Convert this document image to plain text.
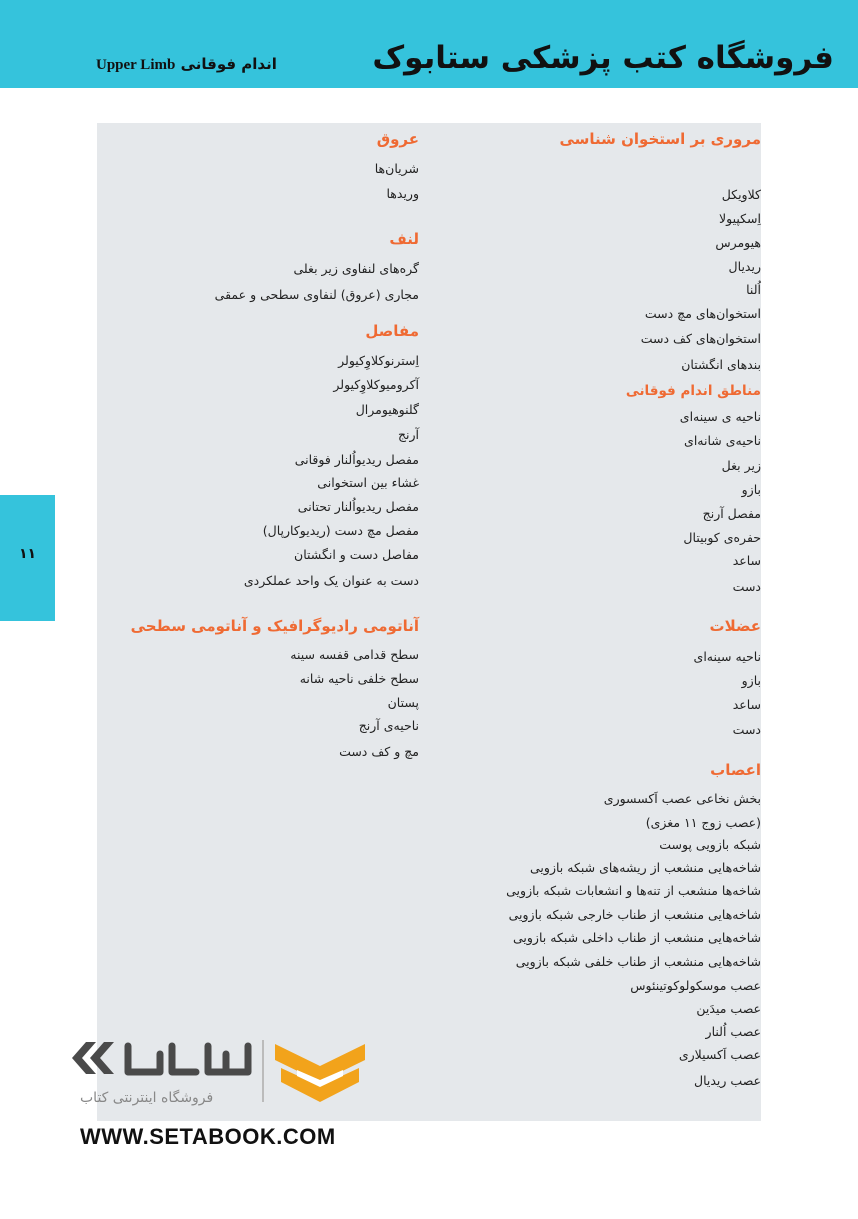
فروشگاه کتب پزشکی ستابوک
Upper Limb اندام فوقانی
مروری بر استخوان شناسی
کلاویکل
اِسکپیولا
هیومرس
ریدیال
اُلنا
استخوان‌های مچ دست
استخوان‌های کف دست
بندهای انگشتان
مناطق اندام فوقانی
ناحیه ی سینه‌ای
ناحیه‌ی شانه‌ای
زیر بغل
بازو
مفصل آرنج
حفره‌ی کوبیتال
ساعد
دست
عضلات
ناحیه سینه‌ای
بازو
ساعد
دست
اعصاب
بخش نخاعی عصب اَکسسوری
(عصب زوج ۱۱ مغزی)
شبکه بازویی پوست
شاخه‌هایی منشعب از ریشه‌های شبکه بازویی
شاخه‌ها منشعب از تنه‌ها و انشعابات شبکه بازویی
شاخه‌هایی منشعب از طناب خارجی شبکه بازویی
شاخه‌هایی منشعب از طناب داخلی شبکه بازویی
شاخه‌هایی منشعب از طناب خلفی شبکه بازویی
عصب موسکولوکوتینئوس
عصب میدَین
عصب اُلنار
عصب اَکسیلاری
عصب ریدیال
عروق
شریان‌ها
وریدها
لنف
گره‌های لنفاوی زیر بغلی
مجاری (عروق) لنفاوی سطحی و عمقی
مفاصل
اِسترنوکلاوِکیولر
آکرومیوکلاوِکیولر
گلنوهیومرال
آرنج
مفصل ریدیواُلنار فوقانی
غشاء بین استخوانی
مفصل ریدیواُلنار تحتانی
مفصل مچ دست (ریدیوکارپال)
مفاصل دست و انگشتان
دست به عنوان یک واحد عملکردی
آناتومی رادیوگرافیک و آناتومی سطحی
سطح قدامی قفسه سینه
سطح خلفی ناحیه شانه
پستان
ناحیه‌ی آرنج
مچ و کف دست
۱۱
فروشگاه اینترنتی کتاب
WWW.SETABOOK.COM
